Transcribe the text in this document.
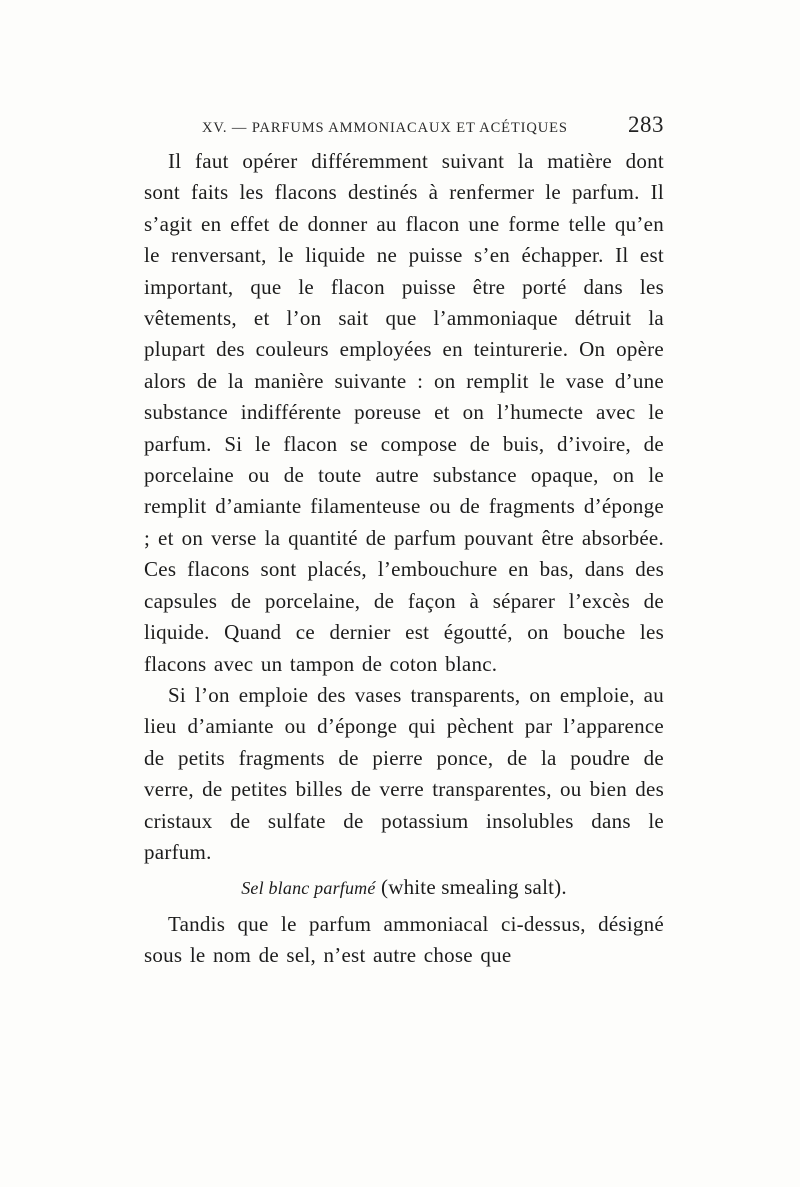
XV. — PARFUMS AMMONIACAUX ET ACÉTIQUES	283

Il faut opérer différemment suivant la matière dont sont faits les flacons destinés à renfermer le parfum. Il s’agit en effet de donner au flacon une forme telle qu’en le renversant, le liquide ne puisse s’en échapper. Il est important, que le flacon puisse être porté dans les vêtements, et l’on sait que l’ammoniaque détruit la plupart des couleurs employées en teinturerie. On opère alors de la manière suivante : on remplit le vase d’une substance indifférente poreuse et on l’humecte avec le parfum. Si le flacon se compose de buis, d’ivoire, de porcelaine ou de toute autre substance opaque, on le remplit d’amiante filamenteuse ou de fragments d’éponge ; et on verse la quantité de parfum pouvant être absorbée. Ces flacons sont placés, l’embouchure en bas, dans des capsules de porcelaine, de façon à séparer l’excès de liquide. Quand ce dernier est égoutté, on bouche les flacons avec un tampon de coton blanc.

Si l’on emploie des vases transparents, on emploie, au lieu d’amiante ou d’éponge qui pèchent par l’apparence de petits fragments de pierre ponce, de la poudre de verre, de petites billes de verre transparentes, ou bien des cristaux de sulfate de potassium insolubles dans le parfum.

Sel blanc parfumé (white smealing salt).

Tandis que le parfum ammoniacal ci-dessus, désigné sous le nom de sel, n’est autre chose que
